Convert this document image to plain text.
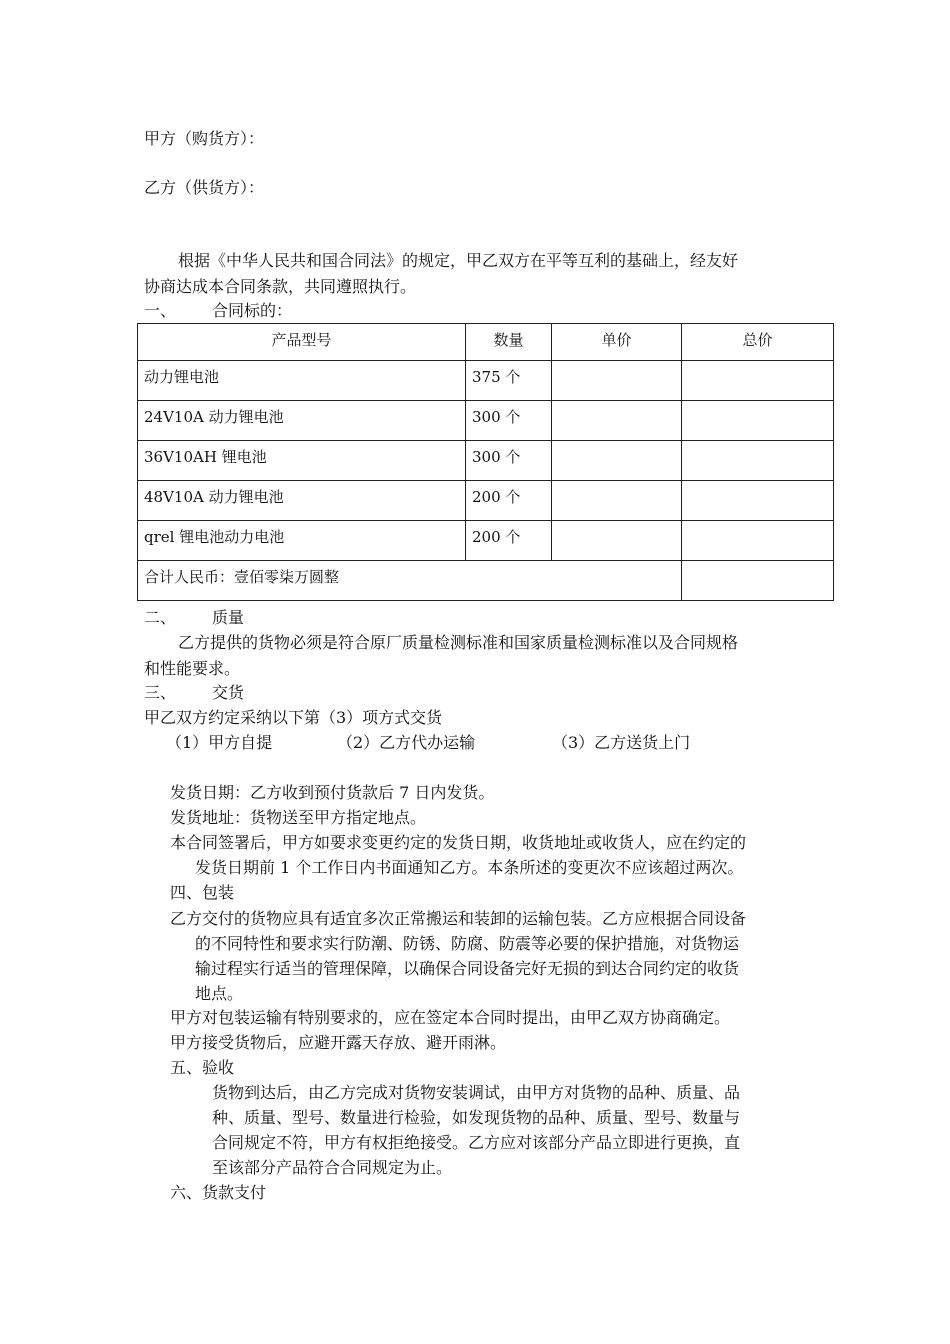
甲方（购货方）：
乙方（供货方）：
根据《中华人民共和国合同法》的规定，甲乙双方在平等互利的基础上，经友好
协商达成本合同条款，共同遵照执行。
一、 合同标的：
产品型号	数量	单价	总价
动力锂电池	375 个		
24V10A 动力锂电池	300 个		
36V10AH 锂电池	300 个		
48V10A 动力锂电池	200 个		
qrel 锂电池动力电池	200 个		
合计人民币：壹佰零柒万圆整			
二、 质量
乙方提供的货物必须是符合原厂质量检测标准和国家质量检测标准以及合同规格
和性能要求。
三、 交货
甲乙双方约定采纳以下第（3）项方式交货
（1）甲方自提	（2）乙方代办运输	（3）乙方送货上门
发货日期：乙方收到预付货款后 7 日内发货。
发货地址：货物送至甲方指定地点。
本合同签署后，甲方如要求变更约定的发货日期，收货地址或收货人，应在约定的
发货日期前 1 个工作日内书面通知乙方。本条所述的变更次不应该超过两次。
四、包装
乙方交付的货物应具有适宜多次正常搬运和装卸的运输包装。乙方应根据合同设备
的不同特性和要求实行防潮、防锈、防腐、防震等必要的保护措施，对货物运
输过程实行适当的管理保障，以确保合同设备完好无损的到达合同约定的收货
地点。
甲方对包装运输有特别要求的，应在签定本合同时提出，由甲乙双方协商确定。
甲方接受货物后，应避开露天存放、避开雨淋。
五、验收
货物到达后，由乙方完成对货物安装调试，由甲方对货物的品种、质量、品
种、质量、型号、数量进行检验，如发现货物的品种、质量、型号、数量与
合同规定不符，甲方有权拒绝接受。乙方应对该部分产品立即进行更换，直
至该部分产品符合合同规定为止。
六、货款支付
